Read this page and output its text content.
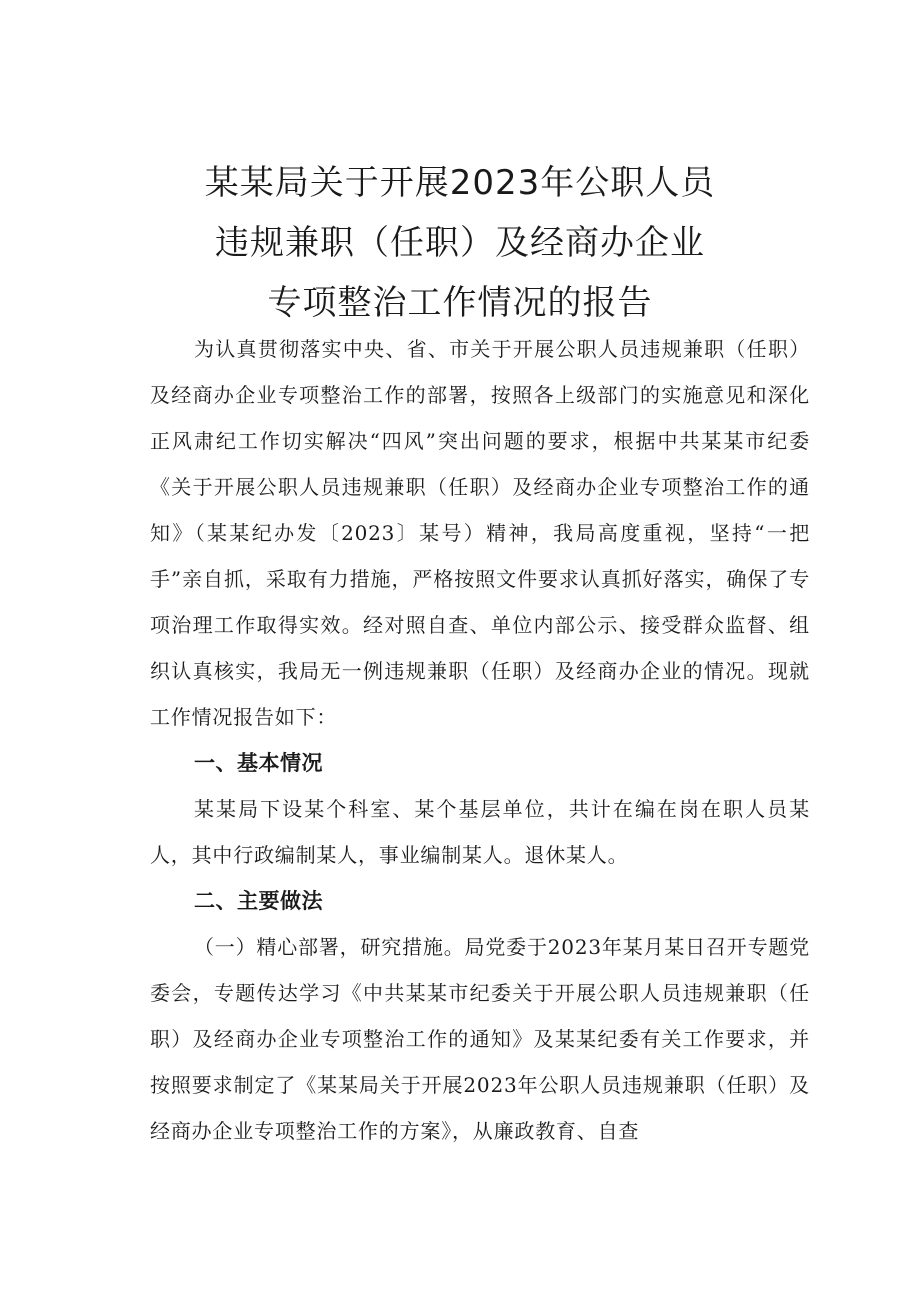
某某局关于开展2023年公职人员
违规兼职（任职）及经商办企业
专项整治工作情况的报告

为认真贯彻落实中央、省、市关于开展公职人员违规兼职（任职）及经商办企业专项整治工作的部署，按照各上级部门的实施意见和深化正风肃纪工作切实解决“四风”突出问题的要求，根据中共某某市纪委《关于开展公职人员违规兼职（任职）及经商办企业专项整治工作的通知》（某某纪办发〔2023〕某号）精神，我局高度重视，坚持“一把手”亲自抓，采取有力措施，严格按照文件要求认真抓好落实，确保了专项治理工作取得实效。经对照自查、单位内部公示、接受群众监督、组织认真核实，我局无一例违规兼职（任职）及经商办企业的情况。现就工作情况报告如下：

一、基本情况

某某局下设某个科室、某个基层单位，共计在编在岗在职人员某人，其中行政编制某人，事业编制某人。退休某人。

二、主要做法

（一）精心部署，研究措施。局党委于2023年某月某日召开专题党委会，专题传达学习《中共某某市纪委关于开展公职人员违规兼职（任职）及经商办企业专项整治工作的通知》及某某纪委有关工作要求，并按照要求制定了《某某局关于开展2023年公职人员违规兼职（任职）及经商办企业专项整治工作的方案》，从廉政教育、自查
